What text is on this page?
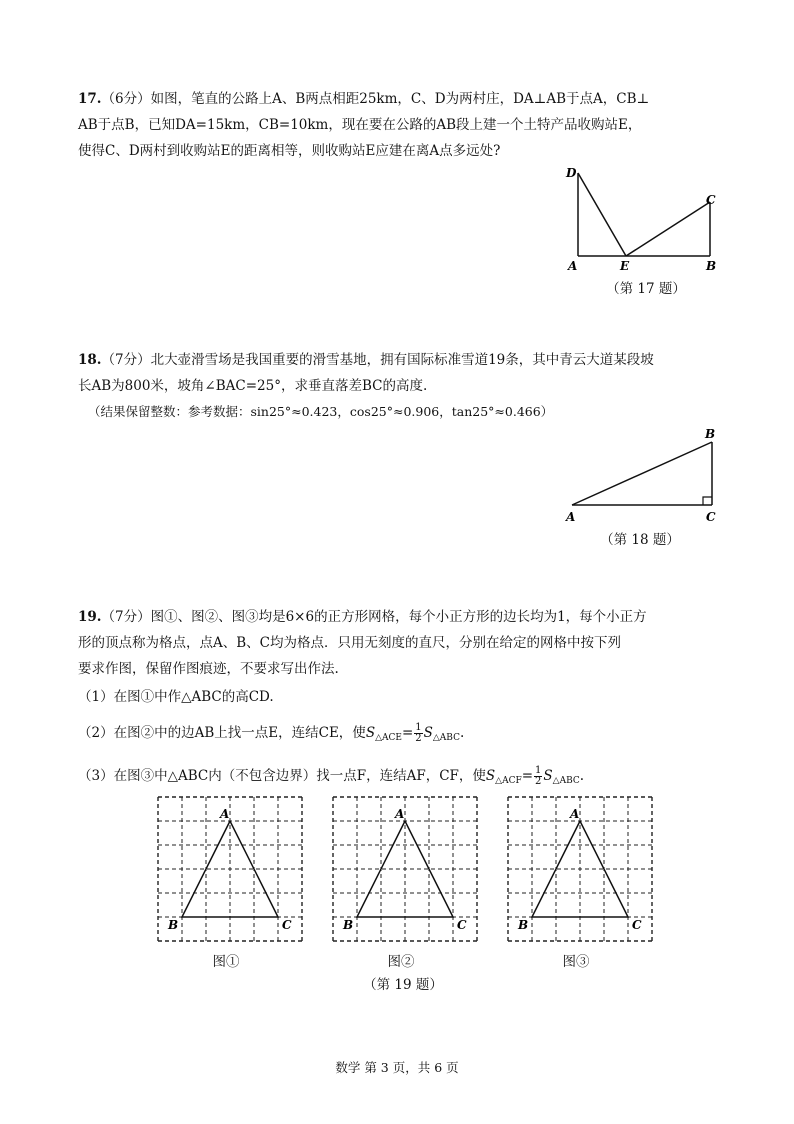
17.（6分）如图，笔直的公路上A、B两点相距25km，C、D为两村庄，DA⊥AB于点A，CB⊥

AB于点B，已知DA=15km，CB=10km，现在要在公路的AB段上建一个土特产品收购站E，

使得C、D两村到收购站E的距离相等，则收购站E应建在离A点多远处?

D
C
A	E	B
（第 17 题）

18.（7分）北大壶滑雪场是我国重要的滑雪基地，拥有国际标准雪道19条，其中青云大道某段坡

长AB为800米，坡角∠BAC=25°，求垂直落差BC的高度.

（结果保留整数：参考数据：sin25°≈0.423，cos25°≈0.906，tan25°≈0.466）

B
A	C
（第 18 题）

19.（7分）图①、图②、图③均是6×6的正方形网格，每个小正方形的边长均为1，每个小正方

形的顶点称为格点，点A、B、C均为格点．只用无刻度的直尺，分别在给定的网格中按下列

要求作图，保留作图痕迹，不要求写出作法.

（1）在图①中作△ABC的高CD.

（2）在图②中的边AB上找一点E，连结CE，使$S_{\triangle ACE}= \frac{1}{2} S_{\triangle ABC}$.

（3）在图③中△ABC内（不包含边界）找一点F，连结AF，CF，使$S_{\triangle ACF}= \frac{1}{2} S_{\triangle ABC}$.

A
B	C
A
B	C
A
B	C
图①	图②	图③
（第 19 题）
数学 第 3 页，共 6 页
